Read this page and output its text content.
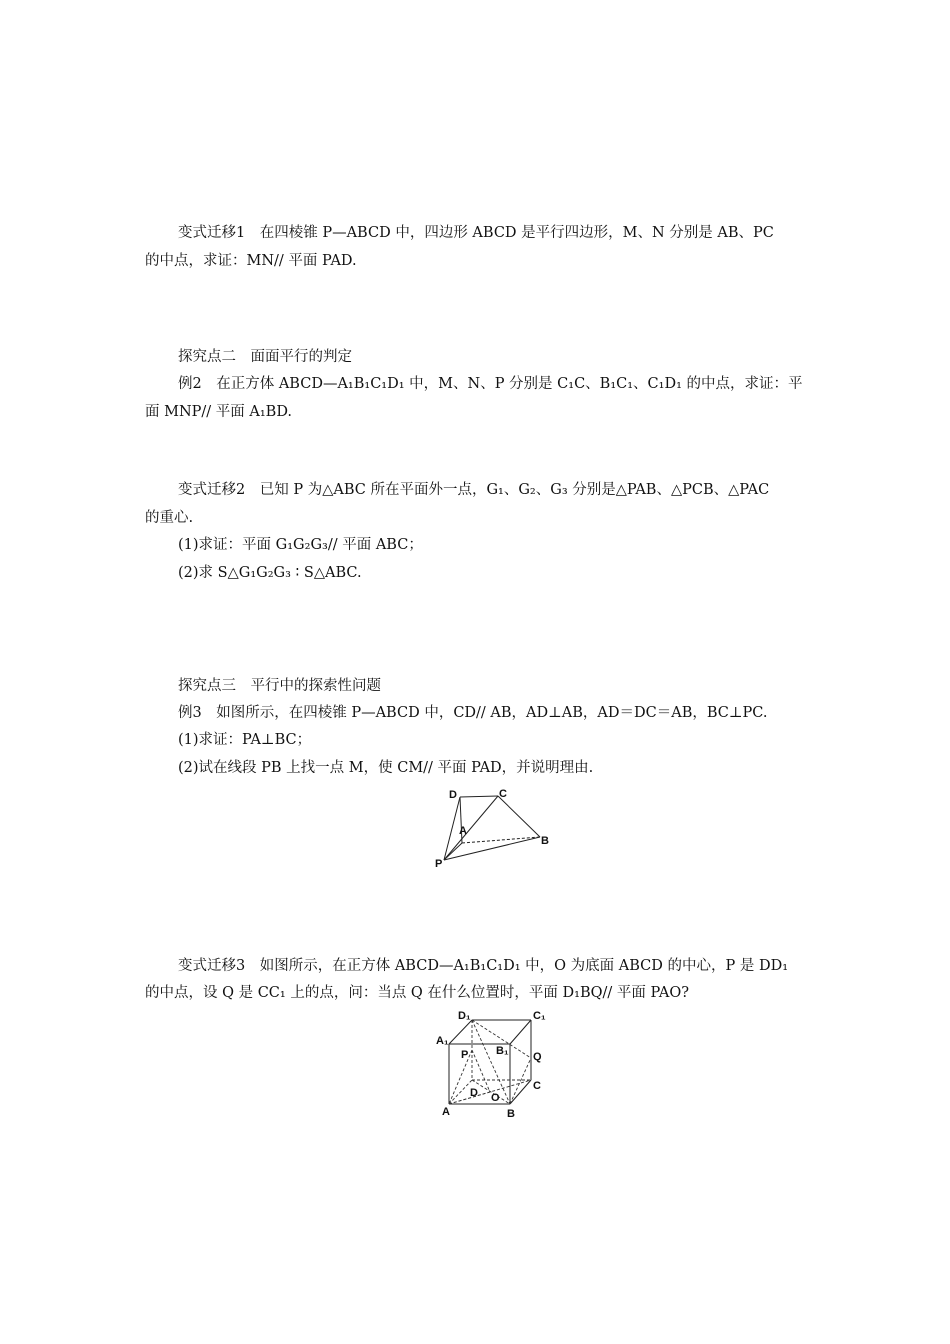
变式迁移1　在四棱锥 P—ABCD 中，四边形 ABCD 是平行四边形，M、N 分别是 AB、PC
的中点，求证：MN// 平面 PAD.
探究点二　面面平行的判定
例2　在正方体 ABCD—A₁B₁C₁D₁ 中，M、N、P 分别是 C₁C、B₁C₁、C₁D₁ 的中点，求证：平
面 MNP// 平面 A₁BD.
变式迁移2　已知 P 为△ABC 所在平面外一点，G₁、G₂、G₃ 分别是△PAB、△PCB、△PAC
的重心.
(1)求证：平面 G₁G₂G₃// 平面 ABC；
(2)求 S△G₁G₂G₃ ∶ S△ABC.
探究点三　平行中的探索性问题
例3　如图所示，在四棱锥 P—ABCD 中，CD// AB，AD⊥AB，AD＝DC＝AB，BC⊥PC.
(1)求证：PA⊥BC；
(2)试在线段 PB 上找一点 M，使 CM// 平面 PAD，并说明理由.
D	C
A
B
P
变式迁移3　如图所示，在正方体 ABCD—A₁B₁C₁D₁ 中，O 为底面 ABCD 的中心，P 是 DD₁
的中点，设 Q 是 CC₁ 上的点，问：当点 Q 在什么位置时，平面 D₁BQ// 平面 PAO?
D₁	C₁
A₁
P	B₁ Q
D O
C
A	B
